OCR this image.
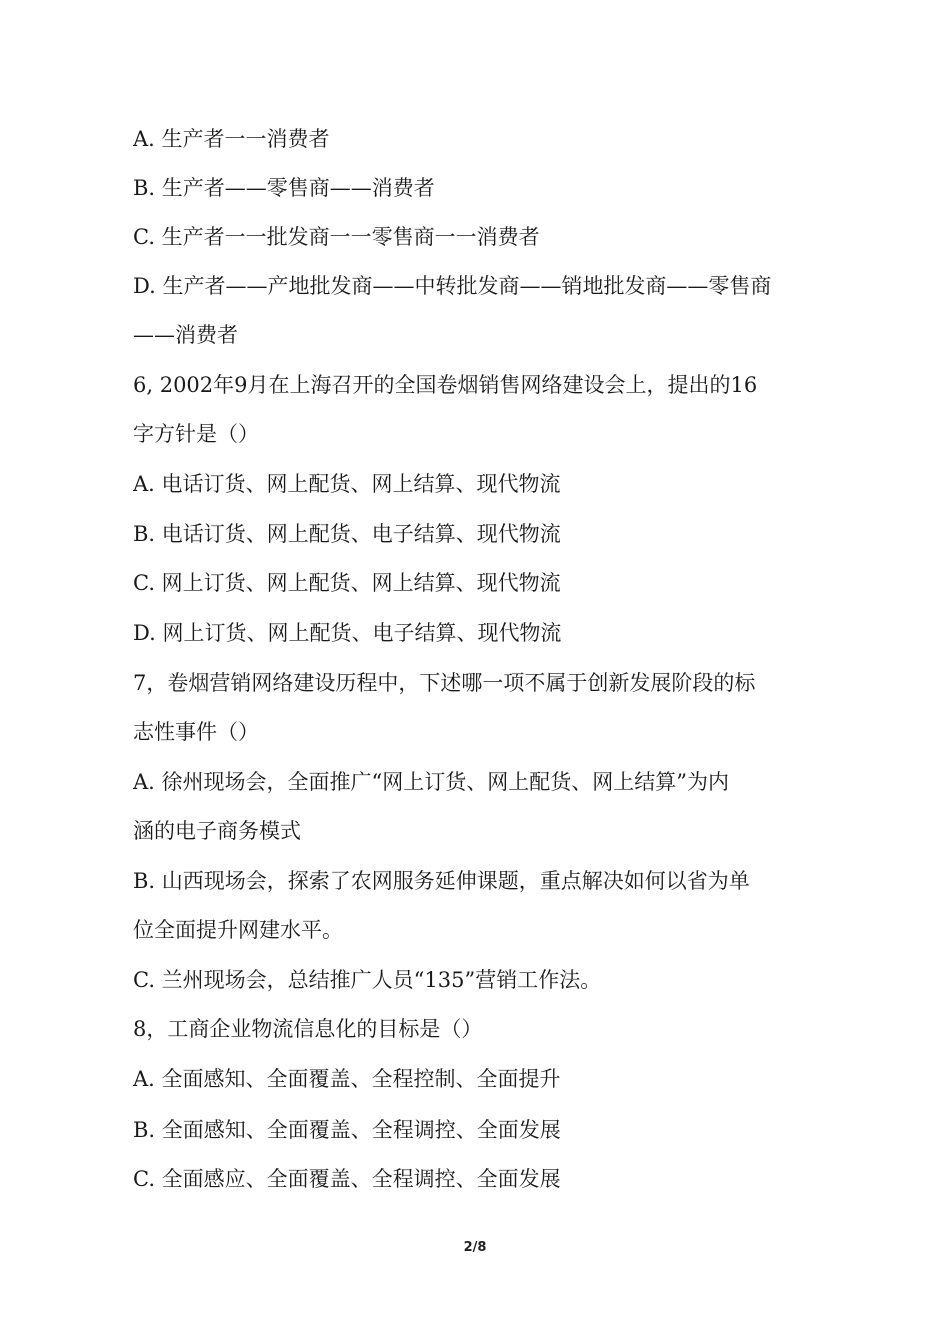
A. 生产者一一消费者
B. 生产者——零售商——消费者
C. 生产者一一批发商一一零售商一一消费者
D. 生产者——产地批发商——中转批发商——销地批发商——零售商
——消费者
6, 2002年9月在上海召开的全国卷烟销售网络建设会上，提出的16
字方针是（）
A. 电话订货、网上配货、网上结算、现代物流
B. 电话订货、网上配货、电子结算、现代物流
C. 网上订货、网上配货、网上结算、现代物流
D. 网上订货、网上配货、电子结算、现代物流
7，卷烟营销网络建设历程中，下述哪一项不属于创新发展阶段的标
志性事件（）
A. 徐州现场会，全面推广“网上订货、网上配货、网上结算”为内
涵的电子商务模式
B. 山西现场会，探索了农网服务延伸课题，重点解决如何以省为单
位全面提升网建水平。
C. 兰州现场会，总结推广人员“135”营销工作法。
8，工商企业物流信息化的目标是（）
A. 全面感知、全面覆盖、全程控制、全面提升
B. 全面感知、全面覆盖、全程调控、全面发展
C. 全面感应、全面覆盖、全程调控、全面发展
2/8
